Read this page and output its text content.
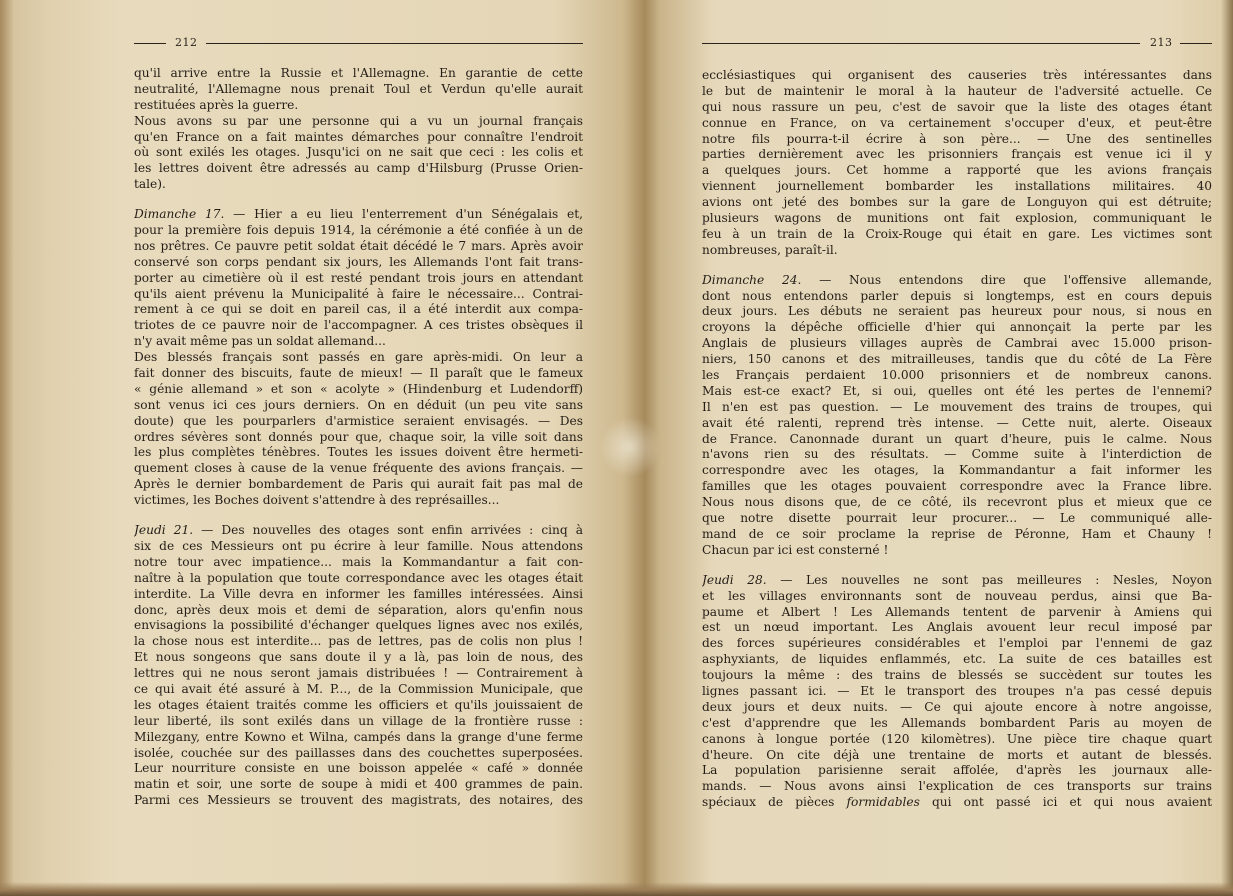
212
qu'il arrive entre la Russie et l'Allemagne. En garantie de cette
neutralité, l'Allemagne nous prenait Toul et Verdun qu'elle aurait
restituées après la guerre.
Nous avons su par une personne qui a vu un journal français
qu'en France on a fait maintes démarches pour connaître l'endroit
où sont exilés les otages. Jusqu'ici on ne sait que ceci : les colis et
les lettres doivent être adressés au camp d'Hilsburg (Prusse Orien-
tale).
Dimanche 17. — Hier a eu lieu l'enterrement d'un Sénégalais et,
pour la première fois depuis 1914, la cérémonie a été confiée à un de
nos prêtres. Ce pauvre petit soldat était décédé le 7 mars. Après avoir
conservé son corps pendant six jours, les Allemands l'ont fait trans-
porter au cimetière où il est resté pendant trois jours en attendant
qu'ils aient prévenu la Municipalité à faire le nécessaire... Contrai-
rement à ce qui se doit en pareil cas, il a été interdit aux compa-
triotes de ce pauvre noir de l'accompagner. A ces tristes obsèques il
n'y avait même pas un soldat allemand...
Des blessés français sont passés en gare après-midi. On leur a
fait donner des biscuits, faute de mieux! — Il paraît que le fameux
« génie allemand » et son « acolyte » (Hindenburg et Ludendorff)
sont venus ici ces jours derniers. On en déduit (un peu vite sans
doute) que les pourparlers d'armistice seraient envisagés. — Des
ordres sévères sont donnés pour que, chaque soir, la ville soit dans
les plus complètes ténèbres. Toutes les issues doivent être hermeti-
quement closes à cause de la venue fréquente des avions français. —
Après le dernier bombardement de Paris qui aurait fait pas mal de
victimes, les Boches doivent s'attendre à des représailles...
Jeudi 21. — Des nouvelles des otages sont enfin arrivées : cinq à
six de ces Messieurs ont pu écrire à leur famille. Nous attendons
notre tour avec impatience... mais la Kommandantur a fait con-
naître à la population que toute correspondance avec les otages était
interdite. La Ville devra en informer les familles intéressées. Ainsi
donc, après deux mois et demi de séparation, alors qu'enfin nous
envisagions la possibilité d'échanger quelques lignes avec nos exilés,
la chose nous est interdite... pas de lettres, pas de colis non plus !
Et nous songeons que sans doute il y a là, pas loin de nous, des
lettres qui ne nous seront jamais distribuées ! — Contrairement à
ce qui avait été assuré à M. P..., de la Commission Municipale, que
les otages étaient traités comme les officiers et qu'ils jouissaient de
leur liberté, ils sont exilés dans un village de la frontière russe :
Milezgany, entre Kowno et Wilna, campés dans la grange d'une ferme
isolée, couchée sur des paillasses dans des couchettes superposées.
Leur nourriture consiste en une boisson appelée « café » donnée
matin et soir, une sorte de soupe à midi et 400 grammes de pain.
Parmi ces Messieurs se trouvent des magistrats, des notaires, des
213
ecclésiastiques qui organisent des causeries très intéressantes dans
le but de maintenir le moral à la hauteur de l'adversité actuelle. Ce
qui nous rassure un peu, c'est de savoir que la liste des otages étant
connue en France, on va certainement s'occuper d'eux, et peut-être
notre fils pourra-t-il écrire à son père... — Une des sentinelles
parties dernièrement avec les prisonniers français est venue ici il y
a quelques jours. Cet homme a rapporté que les avions français
viennent journellement bombarder les installations militaires. 40
avions ont jeté des bombes sur la gare de Longuyon qui est détruite;
plusieurs wagons de munitions ont fait explosion, communiquant le
feu à un train de la Croix-Rouge qui était en gare. Les victimes sont
nombreuses, paraît-il.
Dimanche 24. — Nous entendons dire que l'offensive allemande,
dont nous entendons parler depuis si longtemps, est en cours depuis
deux jours. Les débuts ne seraient pas heureux pour nous, si nous en
croyons la dépêche officielle d'hier qui annonçait la perte par les
Anglais de plusieurs villages auprès de Cambrai avec 15.000 prison-
niers, 150 canons et des mitrailleuses, tandis que du côté de La Fère
les Français perdaient 10.000 prisonniers et de nombreux canons.
Mais est-ce exact? Et, si oui, quelles ont été les pertes de l'ennemi?
Il n'en est pas question. — Le mouvement des trains de troupes, qui
avait été ralenti, reprend très intense. — Cette nuit, alerte. Oiseaux
de France. Canonnade durant un quart d'heure, puis le calme. Nous
n'avons rien su des résultats. — Comme suite à l'interdiction de
correspondre avec les otages, la Kommandantur a fait informer les
familles que les otages pouvaient correspondre avec la France libre.
Nous nous disons que, de ce côté, ils recevront plus et mieux que ce
que notre disette pourrait leur procurer... — Le communiqué alle-
mand de ce soir proclame la reprise de Péronne, Ham et Chauny !
Chacun par ici est consterné !
Jeudi 28. — Les nouvelles ne sont pas meilleures : Nesles, Noyon
et les villages environnants sont de nouveau perdus, ainsi que Ba-
paume et Albert ! Les Allemands tentent de parvenir à Amiens qui
est un nœud important. Les Anglais avouent leur recul imposé par
des forces supérieures considérables et l'emploi par l'ennemi de gaz
asphyxiants, de liquides enflammés, etc. La suite de ces batailles est
toujours la même : des trains de blessés se succèdent sur toutes les
lignes passant ici. — Et le transport des troupes n'a pas cessé depuis
deux jours et deux nuits. — Ce qui ajoute encore à notre angoisse,
c'est d'apprendre que les Allemands bombardent Paris au moyen de
canons à longue portée (120 kilomètres). Une pièce tire chaque quart
d'heure. On cite déjà une trentaine de morts et autant de blessés.
La population parisienne serait affolée, d'après les journaux alle-
mands. — Nous avons ainsi l'explication de ces transports sur trains
spéciaux de pièces formidables qui ont passé ici et qui nous avaient
